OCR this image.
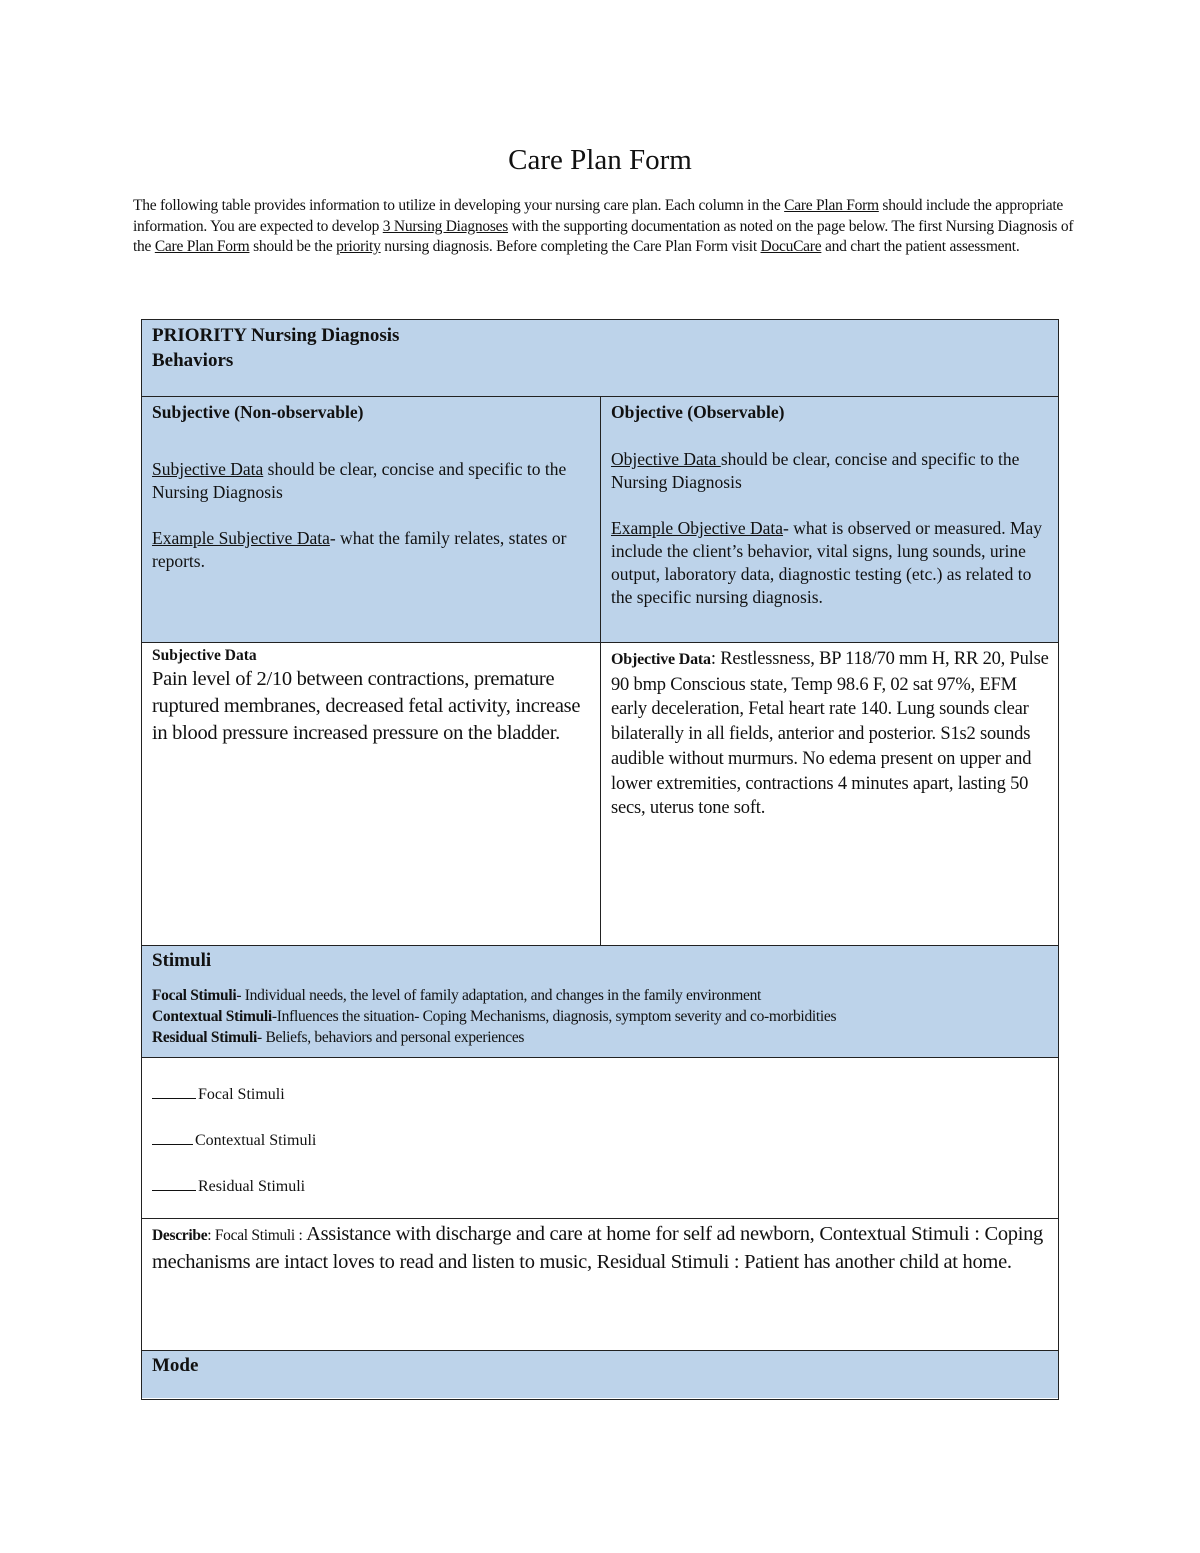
Care Plan Form
The following table provides information to utilize in developing your nursing care plan. Each column in the Care Plan Form should include the appropriate information. You are expected to develop 3 Nursing Diagnoses with the supporting documentation as noted on the page below. The first Nursing Diagnosis of the Care Plan Form should be the priority nursing diagnosis. Before completing the Care Plan Form visit DocuCare and chart the patient assessment.
PRIORITY Nursing Diagnosis
Behaviors
Subjective (Non-observable)
Subjective Data should be clear, concise and specific to the
Nursing Diagnosis
Example Subjective Data- what the family relates, states or reports.
Objective (Observable)
Objective Data should be clear, concise and specific to the Nursing Diagnosis
Example Objective Data- what is observed or measured. May include the client’s behavior, vital signs, lung sounds, urine output, laboratory data, diagnostic testing (etc.) as related to the specific nursing diagnosis.
Subjective Data
Pain level of 2/10 between contractions, premature ruptured membranes, decreased fetal activity, increase in blood pressure increased pressure on the bladder.
Objective Data: Restlessness, BP 118/70 mm H, RR 20, Pulse 90 bmp Conscious state, Temp 98.6 F, 02 sat 97%, EFM early deceleration, Fetal heart rate 140. Lung sounds clear bilaterally in all fields, anterior and posterior. S1s2 sounds audible without murmurs. No edema present on upper and lower extremities, contractions 4 minutes apart, lasting 50 secs, uterus tone soft.
Stimuli
Focal Stimuli- Individual needs, the level of family adaptation, and changes in the family environment
Contextual Stimuli-Influences the situation- Coping Mechanisms, diagnosis, symptom severity and co-morbidities
Residual Stimuli- Beliefs, behaviors and personal experiences
Focal Stimuli
Contextual Stimuli
Residual Stimuli
Describe: Focal Stimuli : Assistance with discharge and care at home for self ad newborn, Contextual Stimuli : Coping mechanisms are intact loves to read and listen to music, Residual Stimuli : Patient has another child at home.
Mode
